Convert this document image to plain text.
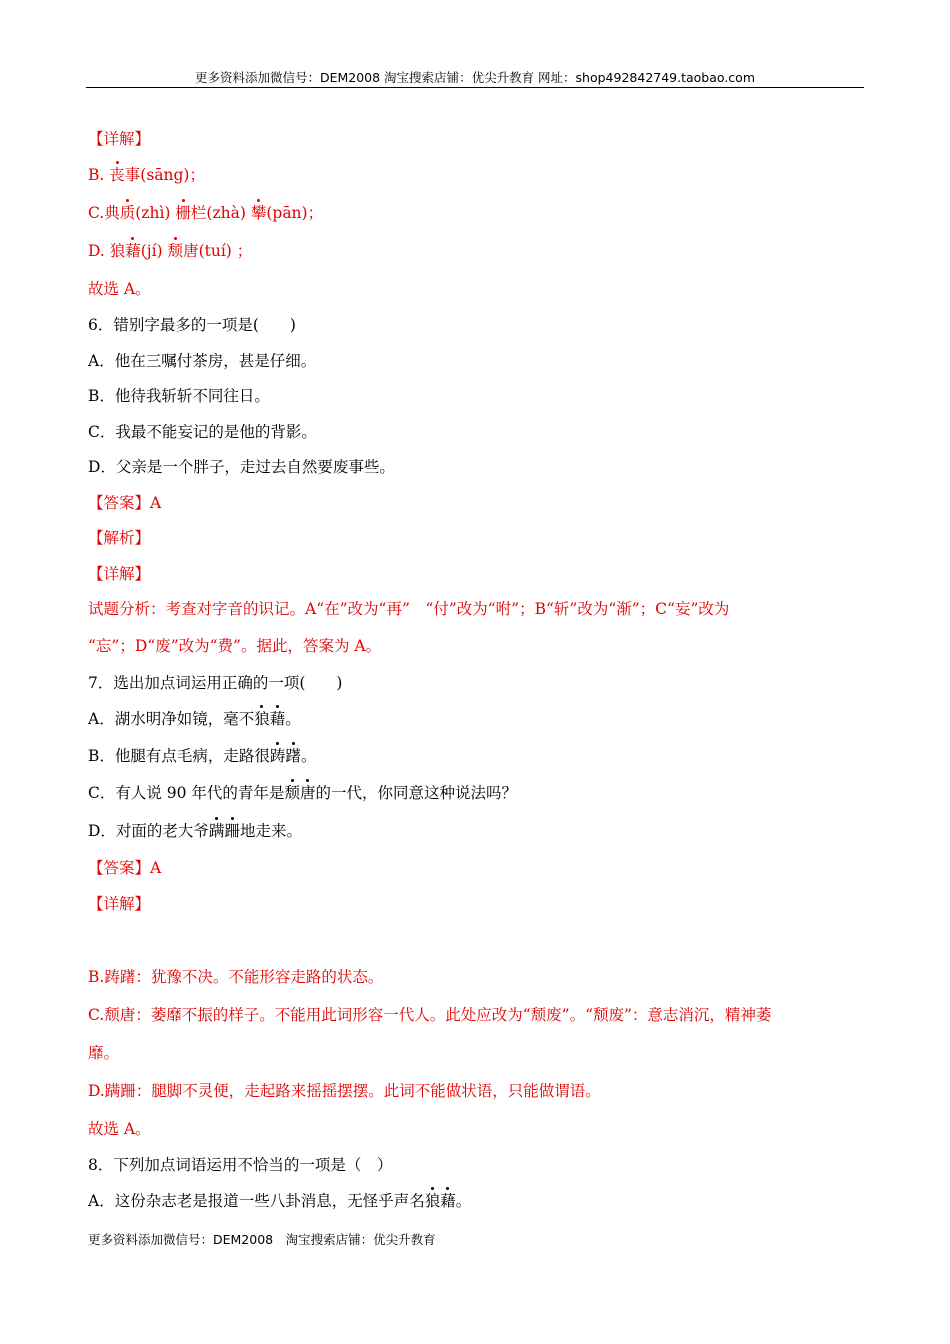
更多资料添加微信号：DEM2008 淘宝搜索店铺：优尖升教育 网址：shop492842749.taobao.com
【详解】
B. 丧事(sāng)；
C.典质(zhì) 栅栏(zhà) 攀(pān)；
D. 狼藉(jí) 颓唐(tuí) ；
故选 A。
6．错别字最多的一项是(　　)
A．他在三嘱付茶房，甚是仔细。
B．他待我斩斩不同往日。
C．我最不能妄记的是他的背影。
D．父亲是一个胖子，走过去自然要废事些。
【答案】A
【解析】
【详解】
试题分析：考查对字音的识记。A“在”改为“再”　“付”改为“咐”；B“斩”改为“渐”；C“妄”改为
“忘”；D“废”改为“费”。据此，答案为 A。
7．选出加点词运用正确的一项(　　)
A．湖水明净如镜，毫不狼藉。
B．他腿有点毛病，走路很踌躇。
C．有人说 90 年代的青年是颓唐的一代，你同意这种说法吗？
D．对面的老大爷蹒跚地走来。
【答案】A
【详解】
B.踌躇：犹豫不决。不能形容走路的状态。
C.颓唐：萎靡不振的样子。不能用此词形容一代人。此处应改为“颓废”。“颓废”：意志消沉，精神萎
靡。
D.蹒跚：腿脚不灵便，走起路来摇摇摆摆。此词不能做状语，只能做谓语。
故选 A。
8．下列加点词语运用不恰当的一项是（　）
A．这份杂志老是报道一些八卦消息，无怪乎声名狼藉。
更多资料添加微信号：DEM2008　淘宝搜索店铺：优尖升教育
